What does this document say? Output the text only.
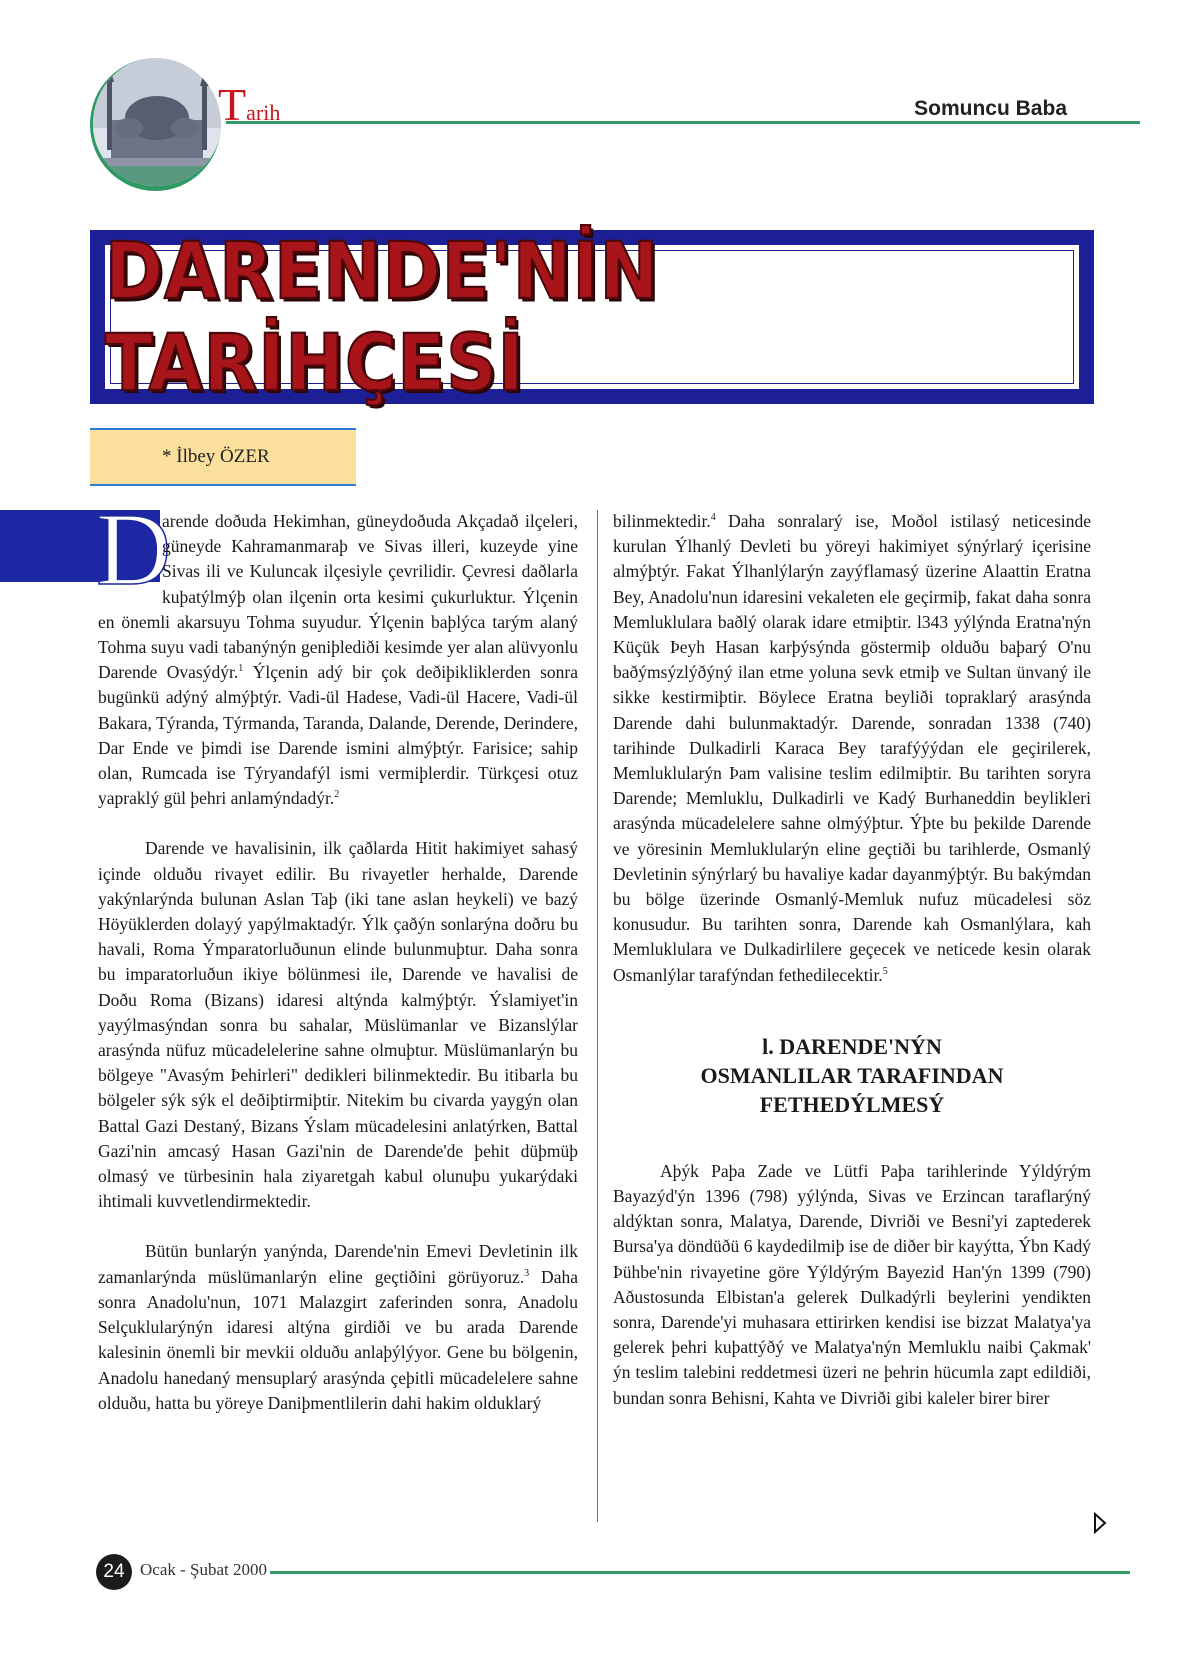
Tarih	Somuncu Baba
DARENDE'NİN TARİHÇESİ
* İlbey ÖZER
D

arende doðuda Hekimhan, güneydoðuda Akçadað ilçeleri, güneyde Kahramanmaraþ ve Sivas illeri, kuzeyde yine Sivas ili ve Kuluncak ilçesiyle çevrilidir. Çevresi daðlarla kuþatýlmýþ olan ilçenin orta kesimi çukurluktur. Ýlçenin en önemli akarsuyu Tohma suyudur. Ýlçenin baþlýca tarým alaný Tohma suyu vadi tabanýnýn geniþlediði kesimde yer alan alüvyonlu Darende Ovasýdýr.$^1$ Ýlçenin adý bir çok deðiþikliklerden sonra bugünkü adýný almýþtýr. Vadi-ül Hadese, Vadi-ül Hacere, Vadi-ül Bakara, Týranda, Týrmanda, Taranda, Dalande, Derende, Derindere, Dar Ende ve þimdi ise Darende ismini almýþtýr. Farisice; sahip olan, Rumcada ise Týryandafýl ismi vermiþlerdir. Türkçesi otuz yapraklý gül þehri anlamýndadýr.$^2$

Darende ve havalisinin, ilk çaðlarda Hitit hakimiyet sahasý içinde olduðu rivayet edilir. Bu rivayetler herhalde, Darende yakýnlarýnda bulunan Aslan Taþ (iki tane aslan heykeli) ve bazý Höyüklerden dolayý yapýlmaktadýr. Ýlk çaðýn sonlarýna doðru bu havali, Roma Ýmparatorluðunun elinde bulunmuþtur. Daha sonra bu imparatorluðun ikiye bölünmesi ile, Darende ve havalisi de Doðu Roma (Bizans) idaresi altýnda kalmýþtýr. Ýslamiyet'in yayýlmasýndan sonra bu sahalar, Müslümanlar ve Bizanslýlar arasýnda nüfuz mücadelelerine sahne olmuþtur. Müslümanlarýn bu bölgeye "Avasým Þehirleri" dedikleri bilinmektedir. Bu itibarla bu bölgeler sýk sýk el deðiþtirmiþtir. Nitekim bu civarda yaygýn olan Battal Gazi Destaný, Bizans Ýslam mücadelesini anlatýrken, Battal Gazi'nin amcasý Hasan Gazi'nin de Darende'de þehit düþmüþ olmasý ve türbesinin hala ziyaretgah kabul olunuþu yukarýdaki ihtimali kuvvetlendirmektedir.

Bütün bunlarýn yanýnda, Darende'nin Emevi Devletinin ilk zamanlarýnda müslümanlarýn eline geçtiðini görüyoruz.$^3$ Daha sonra Anadolu'nun, 1071 Malazgirt zaferinden sonra, Anadolu Selçuklularýnýn idaresi altýna girdiði ve bu arada Darende kalesinin önemli bir mevkii olduðu anlaþýlýyor. Gene bu bölgenin, Anadolu hanedaný mensuplarý arasýnda çeþitli mücadelelere sahne olduðu, hatta bu yöreye Daniþmentlilerin dahi hakim olduklarý

bilinmektedir.$^4$ Daha sonralarý ise, Moðol istilasý neticesinde kurulan Ýlhanlý Devleti bu yöreyi hakimiyet sýnýrlarý içerisine almýþtýr. Fakat Ýlhanlýlarýn zayýflamasý üzerine Alaattin Eratna Bey, Anadolu'nun idaresini vekaleten ele geçirmiþ, fakat daha sonra Memluklulara baðlý olarak idare etmiþtir. l343 yýlýnda Eratna'nýn Küçük Þeyh Hasan karþýsýnda göstermiþ olduðu baþarý O'nu baðýmsýzlýðýný ilan etme yoluna sevk etmiþ ve Sultan ünvaný ile sikke kestirmiþtir. Böylece Eratna beyliði topraklarý arasýnda Darende dahi bulunmaktadýr. Darende, sonradan 1338 (740) tarihinde Dulkadirli Karaca Bey tarafýýýdan ele geçirilerek, Memluklularýn Þam valisine teslim edilmiþtir. Bu tarihten soryra Darende; Memluklu, Dulkadirli ve Kadý Burhaneddin beylikleri arasýnda mücadelelere sahne olmýýþtur. Ýþte bu þekilde Darende ve yöresinin Memluklularýn eline geçtiði bu tarihlerde, Osmanlý Devletinin sýnýrlarý bu havaliye kadar dayanmýþtýr. Bu bakýmdan bu bölge üzerinde Osmanlý-Memluk nufuz mücadelesi söz konusudur. Bu tarihten sonra, Darende kah Osmanlýlara, kah Memluklulara ve Dulkadirlilere geçecek ve neticede kesin olarak Osmanlýlar tarafýndan fethedilecektir.$^5$

l. DARENDE'NÝN
OSMANLILAR TARAFINDAN
FETHEDÝLMESÝ

Aþýk Paþa Zade ve Lütfi Paþa tarihlerinde Yýldýrým Bayazýd'ýn 1396 (798) yýlýnda, Sivas ve Erzincan taraflarýný aldýktan sonra, Malatya, Darende, Divriði ve Besni'yi zaptederek Bursa'ya döndüðü 6 kaydedilmiþ ise de diðer bir kayýtta, Ýbn Kadý Þühbe'nin rivayetine göre Yýldýrým Bayezid Han'ýn 1399 (790) Aðustosunda Elbistan'a gelerek Dulkadýrli beylerini yendikten sonra, Darende'yi muhasara ettirirken kendisi ise bizzat Malatya'ya gelerek þehri kuþattýðý ve Malatya'nýn Memluklu naibi Çakmak' ýn teslim talebini reddetmesi üzeri ne þehrin hücumla zapt edildiði, bundan sonra Behisni, Kahta ve Divriði gibi kaleler birer birer

24 Ocak - Şubat 2000
